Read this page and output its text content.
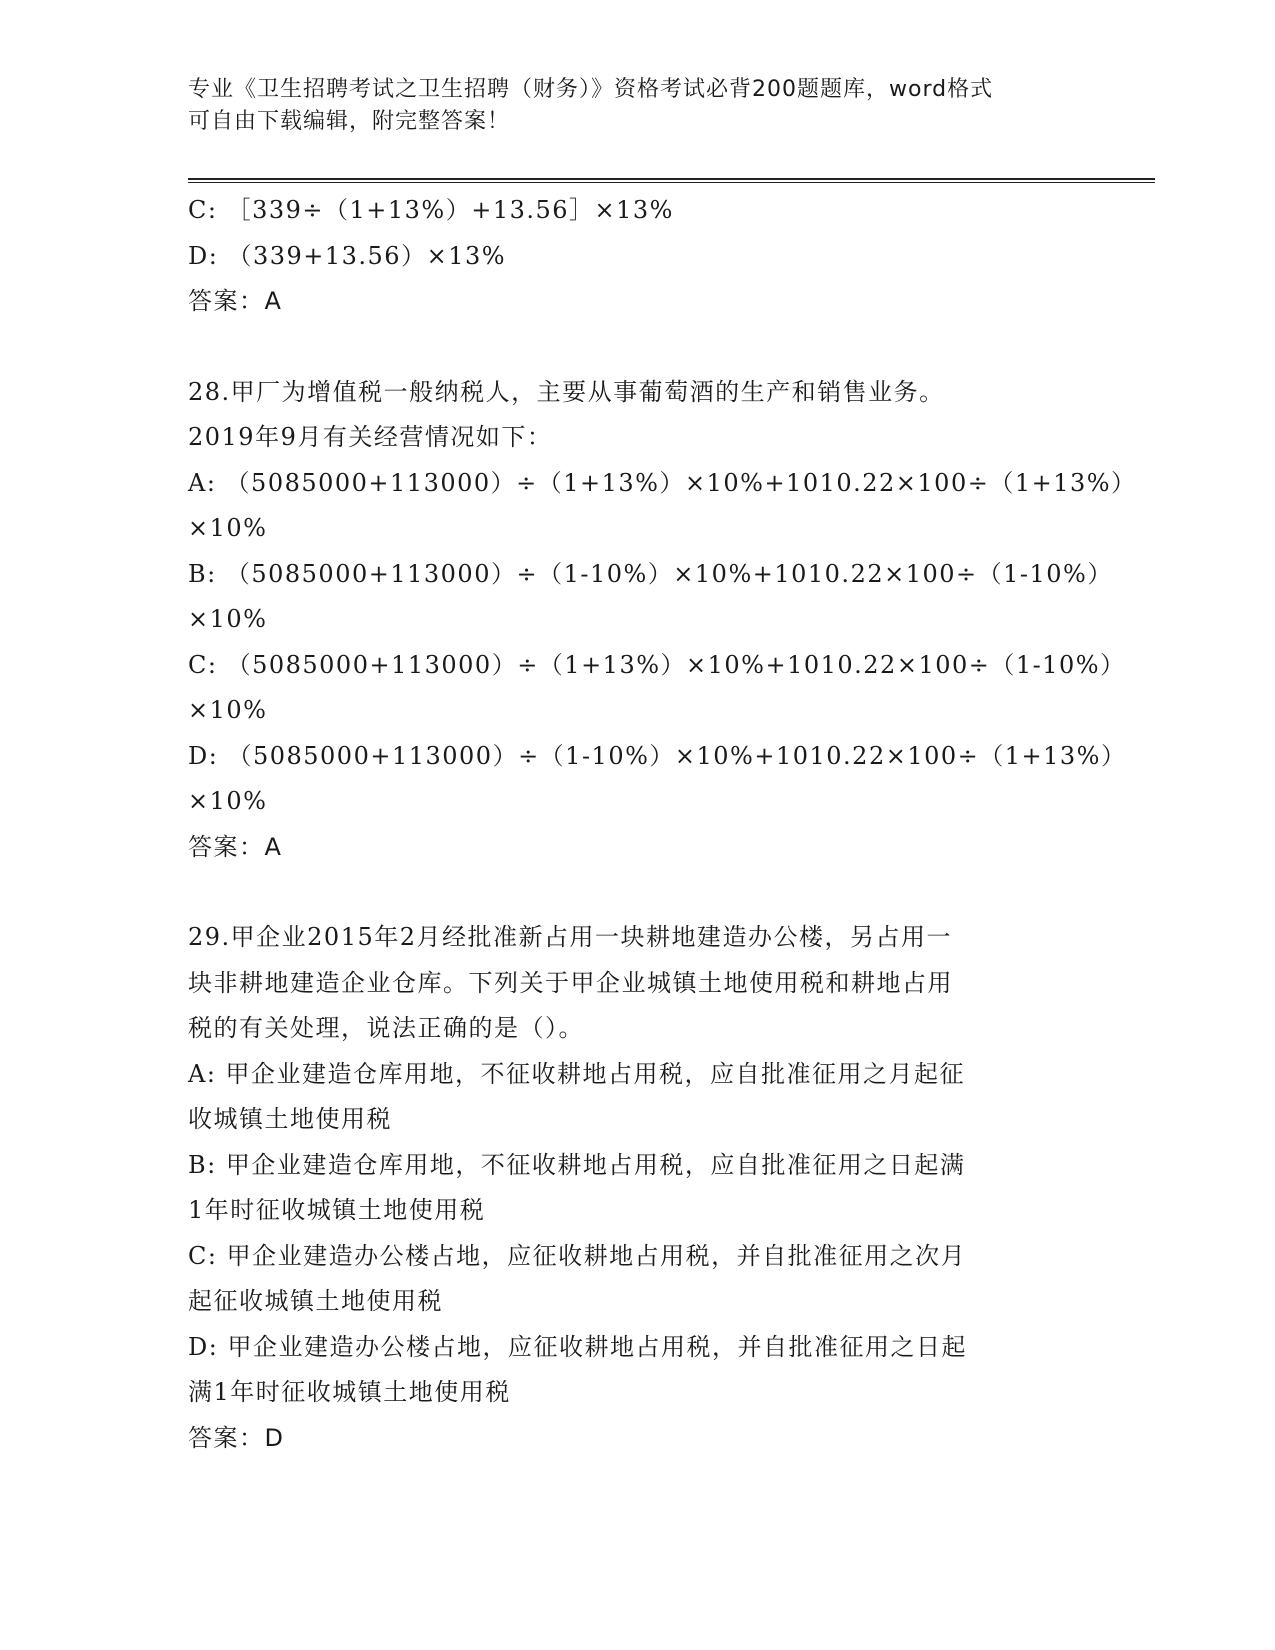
专业《卫生招聘考试之卫生招聘（财务）》资格考试必背200题题库，word格式
可自由下载编辑，附完整答案！
C: ［339÷（1+13%）+13.56］×13%
D: （339+13.56）×13%
答案：A
28.甲厂为增值税一般纳税人，主要从事葡萄酒的生产和销售业务。
2019年9月有关经营情况如下：
A: （5085000+113000）÷（1+13%）×10%+1010.22×100÷（1+13%）
×10%
B: （5085000+113000）÷（1-10%）×10%+1010.22×100÷（1-10%）
×10%
C: （5085000+113000）÷（1+13%）×10%+1010.22×100÷（1-10%）
×10%
D: （5085000+113000）÷（1-10%）×10%+1010.22×100÷（1+13%）
×10%
答案：A
29.甲企业2015年2月经批准新占用一块耕地建造办公楼，另占用一
块非耕地建造企业仓库。下列关于甲企业城镇土地使用税和耕地占用
税的有关处理，说法正确的是（）。
A: 甲企业建造仓库用地，不征收耕地占用税，应自批准征用之月起征
收城镇土地使用税
B: 甲企业建造仓库用地，不征收耕地占用税，应自批准征用之日起满
1年时征收城镇土地使用税
C: 甲企业建造办公楼占地，应征收耕地占用税，并自批准征用之次月
起征收城镇土地使用税
D: 甲企业建造办公楼占地，应征收耕地占用税，并自批准征用之日起
满1年时征收城镇土地使用税
答案：D
